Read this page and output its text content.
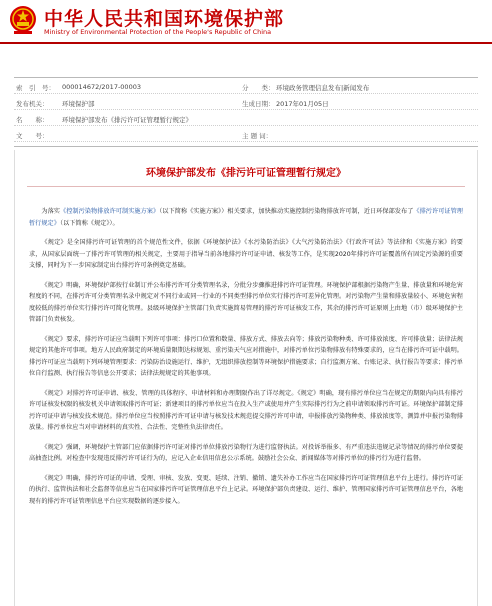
中华人民共和国环境保护部
Ministry of Environmental Protection of the People's Republic of China
索　引　号： 000014672/2017-00003	分　　类： 环境政务管理信息发布|新闻发布
发布机关： 环境保护部	生成日期： 2017年01月05日
名　　称： 环境保护部发布《排污许可证管理暂行规定》
文　　号：	主 题 词：
环境保护部发布《排污许可证管理暂行规定》

为落实《控制污染物排放许可制实施方案》（以下简称《实施方案》）相关要求，加快推动实施控制污染物排放许可制，近日环保部发布了《排污许可证管理暂行规定》（以下简称《规定》）。

《规定》是全国排污许可证管理的首个规范性文件，依据《环境保护法》《水污染防治法》《大气污染防治法》《行政许可法》等法律和《实施方案》的要求，从国家层面统一了排污许可管理的相关规定，主要用于指导当前各地排污许可证申请、核发等工作，是实现2020年排污许可证覆盖所有固定污染源的重要支撑，同时为下一步国家制定出台排污许可条例奠定基础。

《规定》明确，环境保护部按行业制订并公布排污许可分类管理名录，分批分步骤推进排污许可证管理。环境保护部根据污染物产生量、排放量和环境危害程度的不同，在排污许可分类管理名录中规定对不同行业或同一行业的不同类型排污单位实行排污许可差异化管理。对污染物产生量和排放量较小、环境危害程度较低的排污单位实行排污许可简化管理。县级环境保护主管部门负责实施简易管理的排污许可证核发工作，其余的排污许可证原则上由地（市）级环境保护主管部门负责核发。

《规定》要求，排污许可证应当载明下列许可事项：排污口位置和数量、排放方式、排放去向等；排放污染物种类、许可排放浓度、许可排放量；法律法规规定的其他许可事项。地方人民政府制定的环境质量限期达标规划、重污染天气应对措施中，对排污单位污染物排放有特殊要求的，应当在排污许可证中载明。排污许可证应当载明下列环境管理要求：污染防治设施运行、维护，无组织排放控制等环境保护措施要求；自行监测方案、台账记录、执行报告等要求；排污单位自行监测、执行报告等信息公开要求；法律法规规定的其他事项。

《规定》对排污许可证申请、核发、管理的具体程序、申请材料和办理期限作出了详尽规定。《规定》明确，现有排污单位应当在规定的期限内向具有排污许可证核发权限的核发机关申请领取排污许可证；新建项目的排污单位应当在投入生产或使用并产生实际排污行为之前申请领取排污许可证。环境保护部制定排污许可证申请与核发技术规范。排污单位应当按照排污许可证申请与核发技术规范提交排污许可申请，申报排放污染物种类、排放浓度等，测算并申报污染物排放量。排污单位应当对申请材料的真实性、合法性、完整性负法律责任。

《规定》强调，环境保护主管部门应依据排污许可证对排污单位排放污染物行为进行监督执法。对投诉举报多、有严重违法违规记录等情况的排污单位要提高抽查比例。对检查中发现违反排污许可证行为的，应记入企业信用信息公示系统。鼓励社会公众、新闻媒体等对排污单位的排污行为进行监督。

《规定》明确，排污许可证的申请、受理、审核、发放、变更、延续、注销、撤销、遗失补办工作应当在国家排污许可证管理信息平台上进行。排污许可证的执行、监管执法和社会监督等信息应当在国家排污许可证管理信息平台上记录。环境保护部负责建设、运行、维护、管理国家排污许可证管理信息平台，各地现有的排污许可证管理信息平台应实现数据的逐步接入。
